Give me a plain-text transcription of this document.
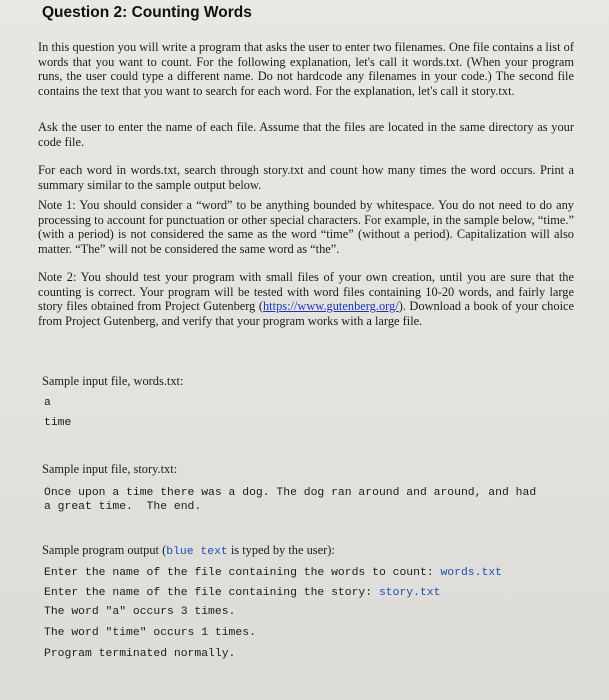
Question 2: Counting Words

In this question you will write a program that asks the user to enter two filenames. One file contains a list of words that you want to count. For the following explanation, let's call it words.txt. (When your program runs, the user could type a different name. Do not hardcode any filenames in your code.) The second file contains the text that you want to search for each word. For the explanation, let's call it story.txt.

Ask the user to enter the name of each file. Assume that the files are located in the same directory as your code file.

For each word in words.txt, search through story.txt and count how many times the word occurs. Print a summary similar to the sample output below.

Note 1: You should consider a “word” to be anything bounded by whitespace. You do not need to do any processing to account for punctuation or other special characters. For example, in the sample below, “time.” (with a period) is not considered the same as the word “time” (without a period). Capitalization will also matter. “The” will not be considered the same word as “the”.

Note 2: You should test your program with small files of your own creation, until you are sure that the counting is correct. Your program will be tested with word files containing 10-20 words, and fairly large story files obtained from Project Gutenberg (https://www.gutenberg.org/). Download a book of your choice from Project Gutenberg, and verify that your program works with a large file.

Sample input file, words.txt:
a
time
Sample input file, story.txt:
Once upon a time there was a dog. The dog ran around and around, and had
a great time.  The end.
Sample program output (blue text is typed by the user):
Enter the name of the file containing the words to count: words.txt
Enter the name of the file containing the story: story.txt
The word "a" occurs 3 times.
The word "time" occurs 1 times.
Program terminated normally.
